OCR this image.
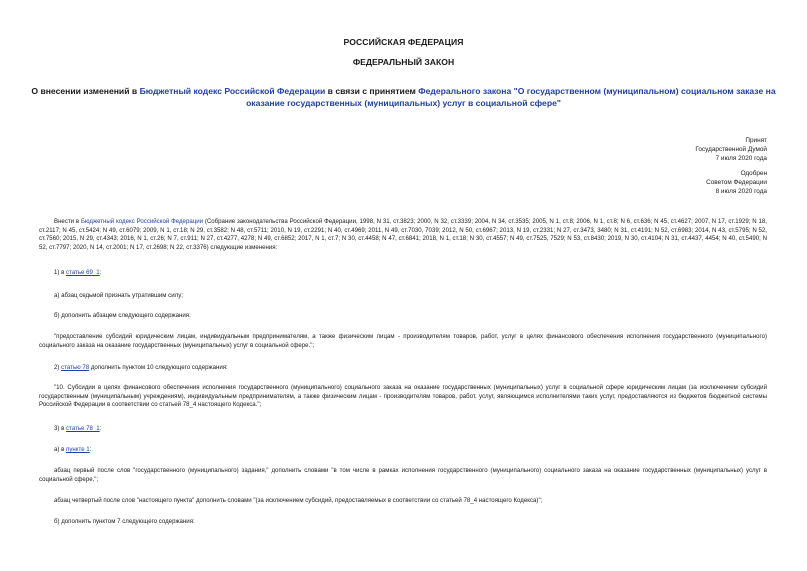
РОССИЙСКАЯ ФЕДЕРАЦИЯ
ФЕДЕРАЛЬНЫЙ ЗАКОН
О внесении изменений в Бюджетный кодекс Российской Федерации в связи с принятием Федерального закона "О государственном (муниципальном) социальном заказе на оказание государственных (муниципальных) услуг в социальной сфере"
Принят
Государственной Думой
7 июля 2020 года
Одобрен
Советом Федерации
8 июля 2020 года
Внести в Бюджетный кодекс Российской Федерации (Собрание законодательства Российской Федерации, 1998, N 31, ст.3823; 2000, N 32, ст.3339; 2004, N 34, ст.3535; 2005, N 1, ст.8; 2006, N 1, ст.8; N 6, ст.636; N 45, ст.4627; 2007, N 17, ст.1929; N 18, ст.2117; N 45, ст.5424; N 49, ст.6079; 2009, N 1, ст.18; N 29, ст.3582; N 48, ст.5711; 2010, N 19, ст.2291; N 40, ст.4969; 2011, N 49, ст.7030, 7039; 2012, N 50, ст.6967; 2013, N 19, ст.2331; N 27, ст.3473, 3480; N 31, ст.4191; N 52, ст.6983; 2014, N 43, ст.5795; N 52, ст.7560; 2015, N 29, ст.4343; 2016, N 1, ст.26; N 7, ст.911; N 27, ст.4277, 4278; N 49, ст.6852; 2017, N 1, ст.7; N 30, ст.4458; N 47, ст.6841; 2018, N 1, ст.18; N 30, ст.4557; N 49, ст.7525, 7529; N 53, ст.8430; 2019, N 30, ст.4104; N 31, ст.4437, 4454; N 40, ст.5490; N 52, ст.7797; 2020, N 14, ст.2001; N 17, ст.2698; N 22, ст.3376) следующие изменения:
1) в статье 69_1:
а) абзац седьмой признать утратившим силу;
б) дополнить абзацем следующего содержания:
"предоставление субсидий юридическим лицам, индивидуальным предпринимателям, а также физическим лицам - производителям товаров, работ, услуг в целях финансового обеспечения исполнения государственного (муниципального) социального заказа на оказание государственных (муниципальных) услуг в социальной сфере.";
2) статью 78 дополнить пунктом 10 следующего содержания:
"10. Субсидии в целях финансового обеспечения исполнения государственного (муниципального) социального заказа на оказание государственных (муниципальных) услуг в социальной сфере юридическим лицам (за исключением субсидий государственным (муниципальным) учреждениям), индивидуальным предпринимателям, а также физическим лицам - производителям товаров, работ, услуг, являющимся исполнителями таких услуг, предоставляются из бюджетов бюджетной системы Российской Федерации в соответствии со статьей 78_4 настоящего Кодекса.";
3) в статье 78_1:
а) в пункте 1:
абзац первый после слов "государственного (муниципального) задания," дополнить словами "в том числе в рамках исполнения государственного (муниципального) социального заказа на оказание государственных (муниципальных) услуг в социальной сфере,";
абзац четвертый после слов "настоящего пункта" дополнить словами "(за исключением субсидий, предоставляемых в соответствии со статьей 78_4 настоящего Кодекса)";
б) дополнить пунктом 7 следующего содержания:
